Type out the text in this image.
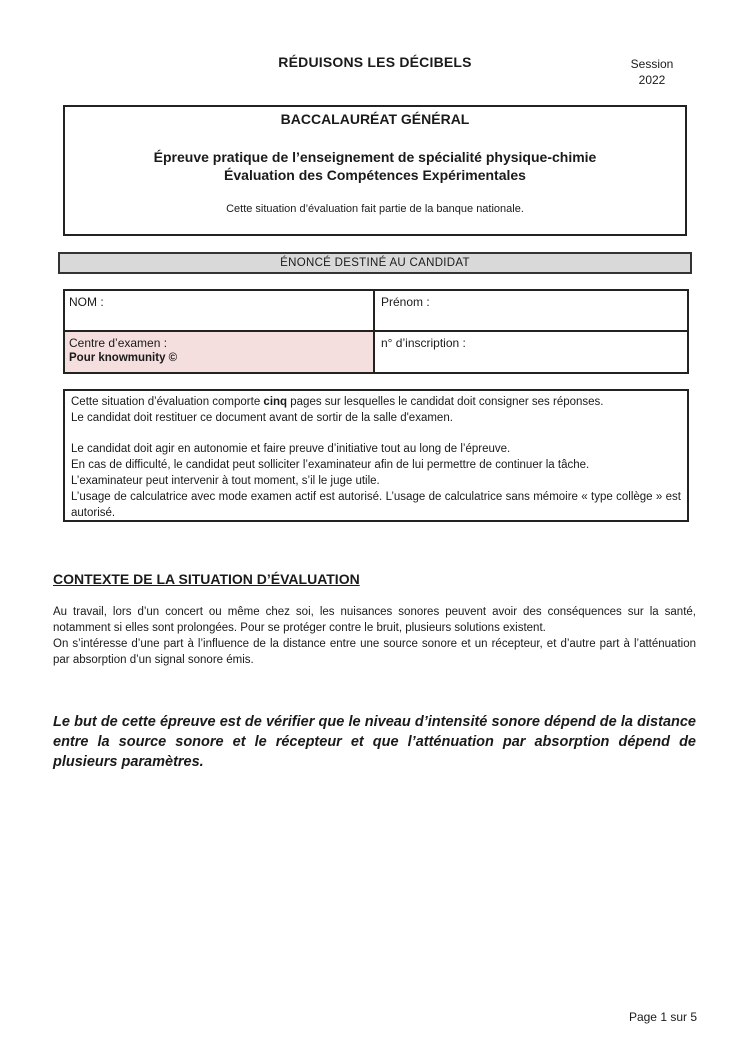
RÉDUISONS LES DÉCIBELS	Session
2022
BACCALAURÉAT GÉNÉRAL
Épreuve pratique de l’enseignement de spécialité physique-chimie
Évaluation des Compétences Expérimentales
Cette situation d’évaluation fait partie de la banque nationale.
ÉNONCÉ DESTINÉ AU CANDIDAT
NOM :	Prénom :
Centre d’examen :
Pour knowmunity ©
n° d’inscription :

Cette situation d’évaluation comporte cinq pages sur lesquelles le candidat doit consigner ses réponses.

Le candidat doit restituer ce document avant de sortir de la salle d'examen.

Le candidat doit agir en autonomie et faire preuve d’initiative tout au long de l’épreuve.

En cas de difficulté, le candidat peut solliciter l’examinateur afin de lui permettre de continuer la tâche.

L’examinateur peut intervenir à tout moment, s’il le juge utile.

L’usage de calculatrice avec mode examen actif est autorisé. L’usage de calculatrice sans mémoire « type collège » est autorisé.

CONTEXTE DE LA SITUATION D’ÉVALUATION

Au travail, lors d’un concert ou même chez soi, les nuisances sonores peuvent avoir des conséquences sur la santé, notamment si elles sont prolongées. Pour se protéger contre le bruit, plusieurs solutions existent.

On s’intéresse d’une part à l’influence de la distance entre une source sonore et un récepteur, et d’autre part à l’atténuation par absorption d’un signal sonore émis.

Le but de cette épreuve est de vérifier que le niveau d’intensité sonore dépend de la distance entre la source sonore et le récepteur et que l’atténuation par absorption dépend de plusieurs paramètres.
Page 1 sur 5
